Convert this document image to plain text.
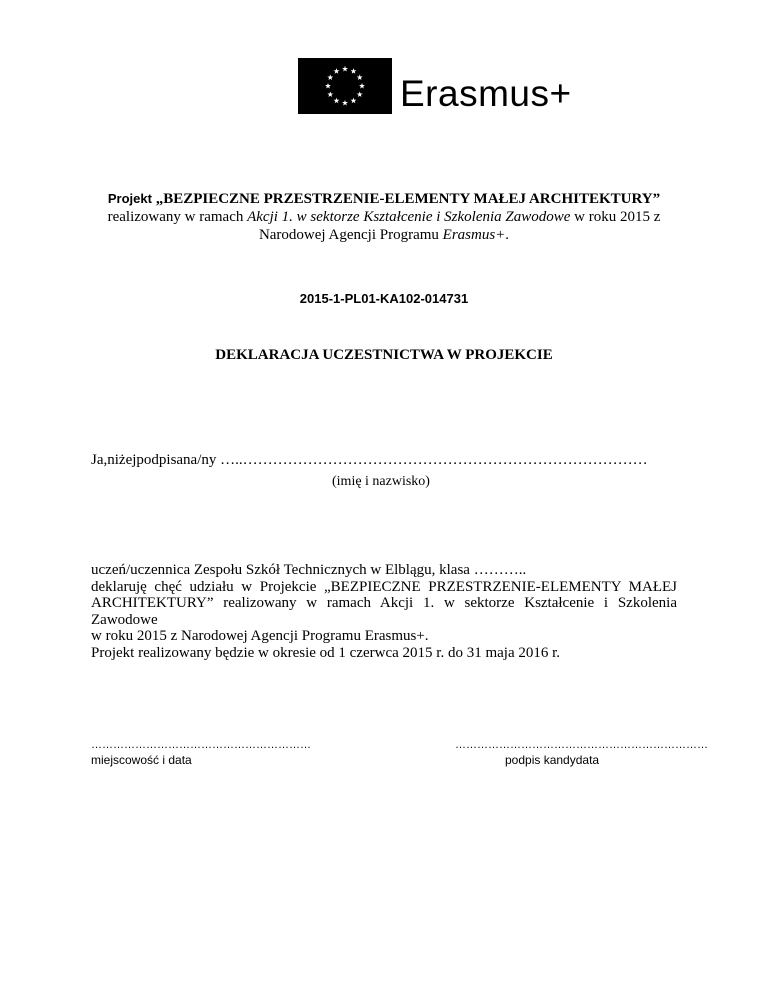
Erasmus+
Projekt „BEZPIECZNE PRZESTRZENIE-ELEMENTY MAŁEJ ARCHITEKTURY”
realizowany w ramach Akcji 1. w sektorze Kształcenie i Szkolenia Zawodowe w roku 2015 z
Narodowej Agencji Programu Erasmus+.
2015-1-PL01-KA102-014731
DEKLARACJA UCZESTNICTWA W PROJEKCIE
Ja,niżejpodpisana/ny …..………………………………………………………………………
(imię i nazwisko)
uczeń/uczennica Zespołu Szkół Technicznych w Elblągu, klasa ………..
deklaruję chęć udziału w Projekcie „BEZPIECZNE PRZESTRZENIE-ELEMENTY MAŁEJ
ARCHITEKTURY” realizowany w ramach Akcji 1. w sektorze Kształcenie i Szkolenia Zawodowe
w roku 2015 z Narodowej Agencji Programu Erasmus+.
Projekt realizowany będzie w okresie od 1 czerwca 2015 r. do 31 maja 2016 r.
……………………………………………………
miejscowość i data
……………………………………………………………
podpis kandydata
